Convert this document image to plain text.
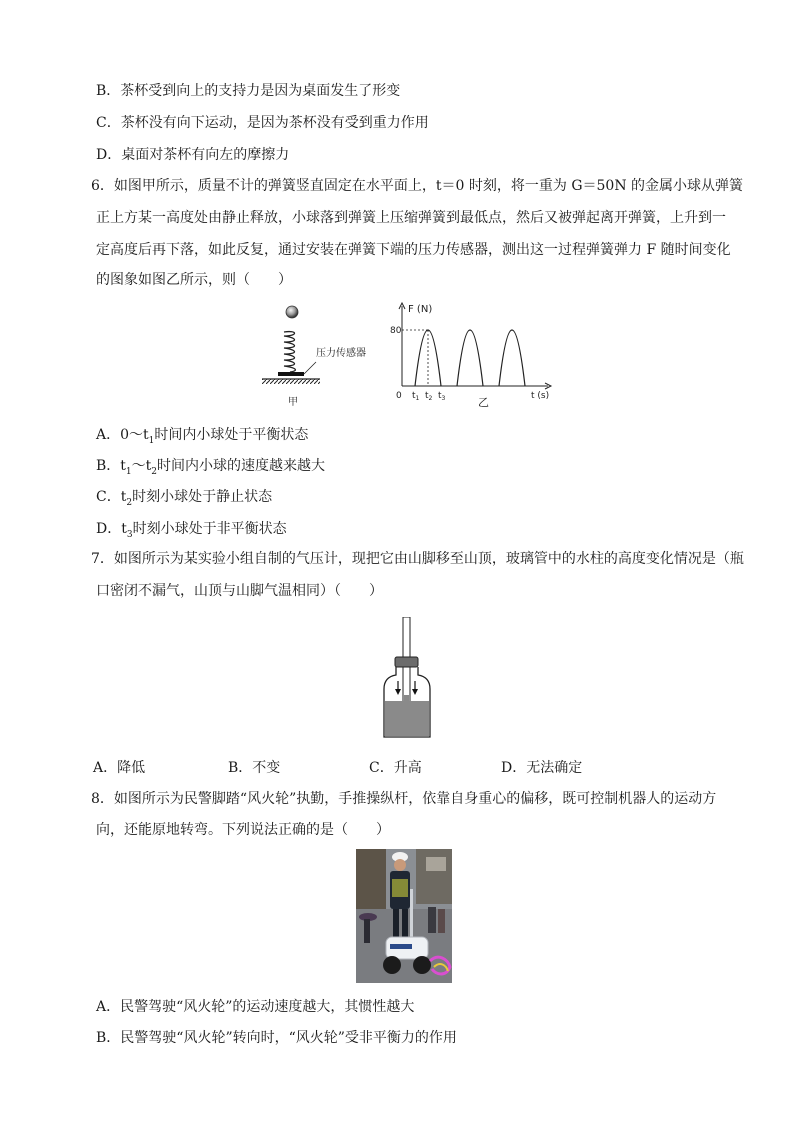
B．茶杯受到向上的支持力是因为桌面发生了形变
C．茶杯没有向下运动，是因为茶杯没有受到重力作用
D．桌面对茶杯有向左的摩擦力
6．如图甲所示，质量不计的弹簧竖直固定在水平面上，t＝0 时刻，将一重为 G＝50N 的金属小球从弹簧
正上方某一高度处由静止释放，小球落到弹簧上压缩弹簧到最低点，然后又被弹起离开弹簧，上升到一
定高度后再下落，如此反复，通过安装在弹簧下端的压力传感器，测出这一过程弹簧弹力 F 随时间变化
的图象如图乙所示，则（　　）
压力传感器
甲
F (N)
80
0 $t_1$ $t_2$ $t_3$	t (s)
乙
A．$0\sim t_1$时间内小球处于平衡状态
B．$t_1\sim t_2$时间内小球的速度越来越大
C．$t_2$时刻小球处于静止状态
D．$t_3$时刻小球处于非平衡状态
7．如图所示为某实验小组自制的气压计，现把它由山脚移至山顶，玻璃管中的水柱的高度变化情况是（瓶
口密闭不漏气，山顶与山脚气温相同）（　　）
A．降低	B．不变	C．升高	D．无法确定
8．如图所示为民警脚踏“风火轮”执勤，手推操纵杆，依靠自身重心的偏移，既可控制机器人的运动方
向，还能原地转弯。下列说法正确的是（　　）
A．民警驾驶“风火轮”的运动速度越大，其惯性越大
B．民警驾驶“风火轮”转向时，“风火轮”受非平衡力的作用
